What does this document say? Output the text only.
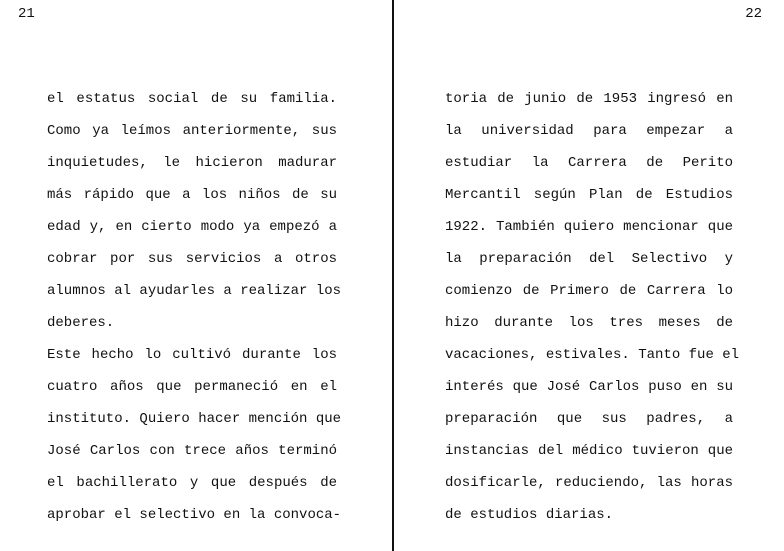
21
el estatus social de su familia.
Como ya leímos anteriormente, sus
inquietudes, le hicieron madurar
más rápido que a los niños de su
edad y, en cierto modo ya empezó a
cobrar por sus servicios a otros
alumnos al ayudarles a realizar los
deberes.
Este hecho lo cultivó durante los
cuatro años que permaneció en el
instituto. Quiero hacer mención que
José Carlos con trece años terminó
el bachillerato y que después de
aprobar el selectivo en la convoca-
22
toria de junio de 1953 ingresó en
la universidad para empezar a
estudiar la Carrera de Perito
Mercantil según Plan de Estudios
1922. También quiero mencionar que
la preparación del Selectivo y
comienzo de Primero de Carrera lo
hizo durante los tres meses de
vacaciones, estivales. Tanto fue el
interés que José Carlos puso en su
preparación que sus padres, a
instancias del médico tuvieron que
dosificarle, reduciendo, las horas
de estudios diarias.
